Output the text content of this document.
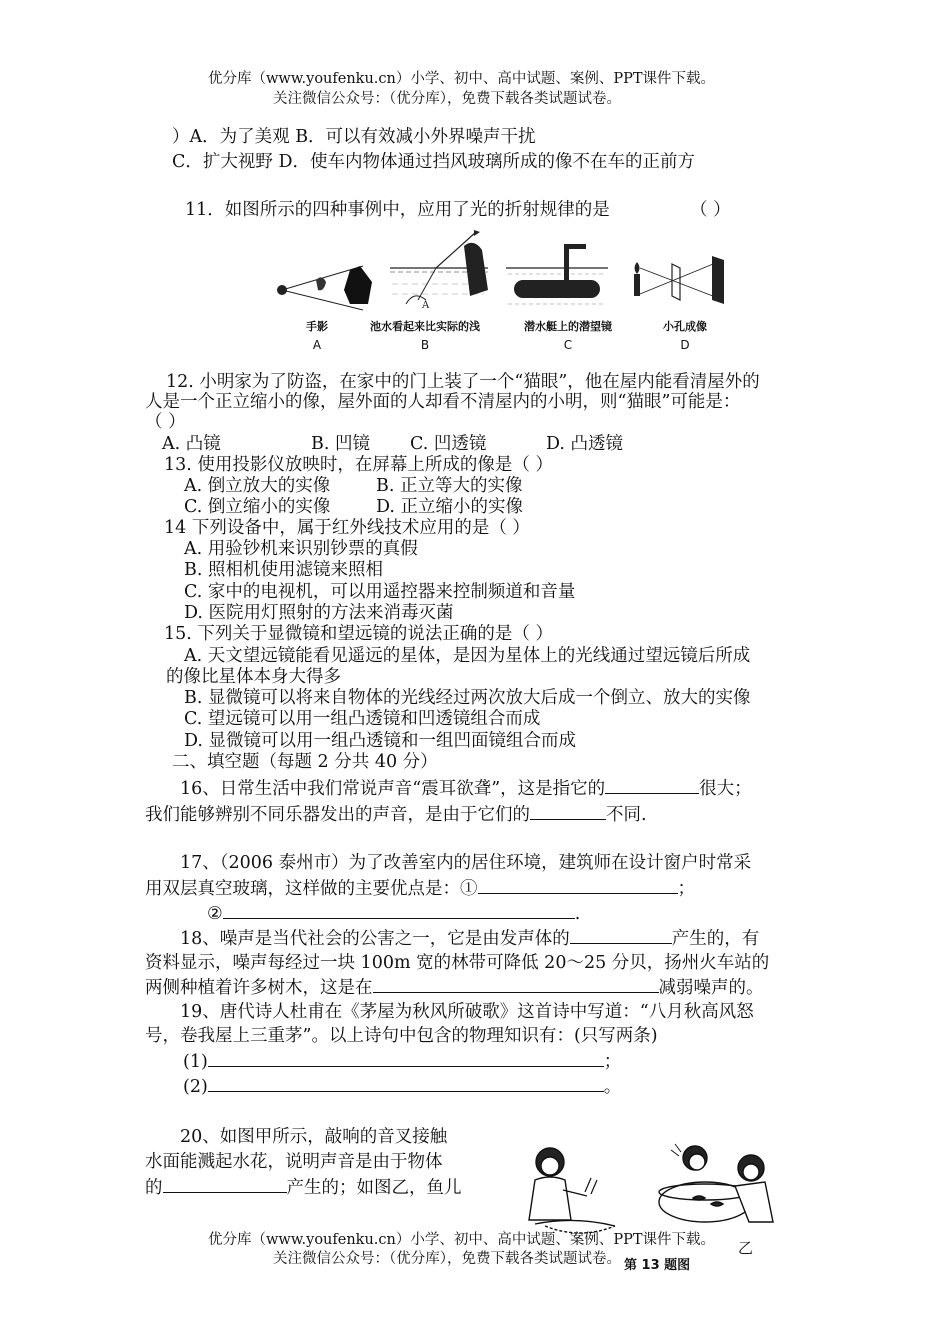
优分库（www.youfenku.cn）小学、初中、高中试题、案例、PPT课件下载。
关注微信公众号：（优分库），免费下载各类试题试卷。
）A．为了美观 B．可以有效减小外界噪声干扰
C．扩大视野 D．使车内物体通过挡风玻璃所成的像不在车的正前方
11．如图所示的四种事例中，应用了光的折射规律的是	（ ）
A
手影	池水看起来比实际的浅	潜水艇上的潜望镜	小孔成像
A	B	C	D
12. 小明家为了防盗，在家中的门上装了一个“猫眼”，他在屋内能看清屋外的
人是一个正立缩小的像，屋外面的人却看不清屋内的小明，则“猫眼”可能是：
（ ）
A. 凸镜	B. 凹镜 C. 凹透镜	D. 凸透镜
13. 使用投影仪放映时，在屏幕上所成的像是（ ）
A. 倒立放大的实像	B. 正立等大的实像
C. 倒立缩小的实像	D. 正立缩小的实像
14 下列设备中，属于红外线技术应用的是（ ）
A. 用验钞机来识别钞票的真假
B. 照相机使用滤镜来照相
C. 家中的电视机，可以用遥控器来控制频道和音量
D. 医院用灯照射的方法来消毒灭菌
15. 下列关于显微镜和望远镜的说法正确的是（ ）
A. 天文望远镜能看见遥远的星体，是因为星体上的光线通过望远镜后所成
的像比星体本身大得多
B. 显微镜可以将来自物体的光线经过两次放大后成一个倒立、放大的实像
C. 望远镜可以用一组凸透镜和凹透镜组合而成
D. 显微镜可以用一组凸透镜和一组凹面镜组合而成
二、填空题（每题 2 分共 40 分）
16、日常生活中我们常说声音“震耳欲聋”，这是指它的	很大；
我们能够辨别不同乐器发出的声音，是由于它们的	不同.
17、（2006 泰州市）为了改善室内的居住环境，建筑师在设计窗户时常采
用双层真空玻璃，这样做的主要优点是：①	；
②	.
18、噪声是当代社会的公害之一，它是由发声体的	产生的，有
资料显示，噪声每经过一块 100m 宽的林带可降低 20～25 分贝，扬州火车站的
两侧种植着许多树木，这是在	减弱噪声的。
19、唐代诗人杜甫在《茅屋为秋风所破歌》这首诗中写道：“八月秋高风怒
号，卷我屋上三重茅”。以上诗句中包含的物理知识有：(只写两条)
(1)	；
(2)	。
20、如图甲所示，敲响的音叉接触
水面能溅起水花，说明声音是由于物体
的	产生的；如图乙，鱼儿
乙
第 13 题图
优分库（www.youfenku.cn）小学、初中、高中试题、案例、PPT课件下载。
关注微信公众号：（优分库），免费下载各类试题试卷。
